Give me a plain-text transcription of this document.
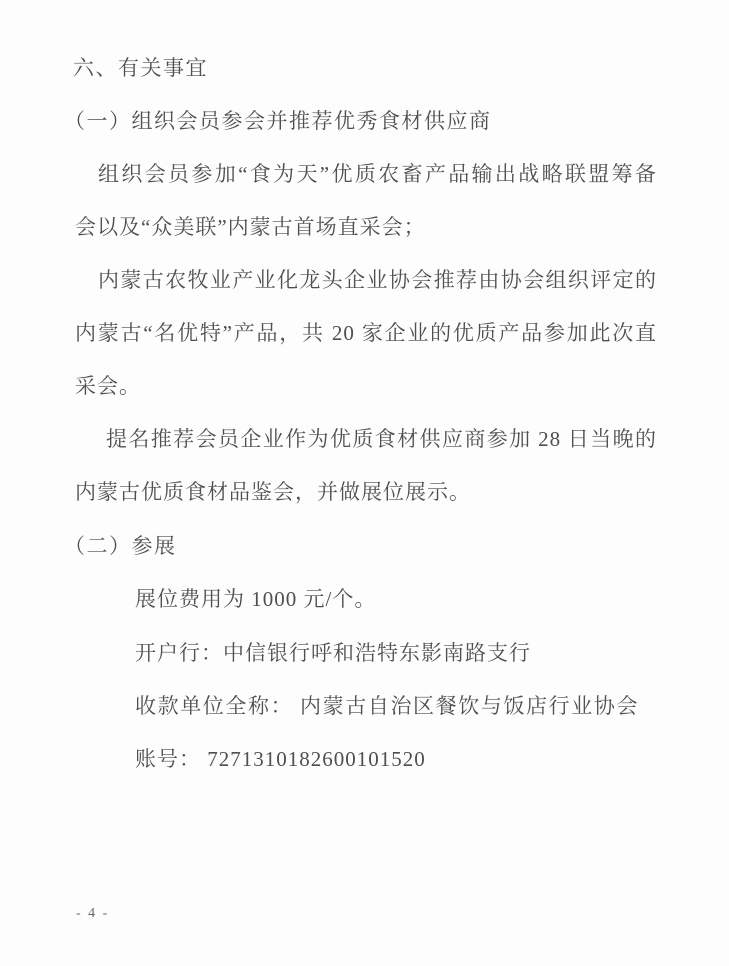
六、有关事宜
（一）组织会员参会并推荐优秀食材供应商
组织会员参加“食为天”优质农畜产品输出战略联盟筹备
会以及“众美联”内蒙古首场直采会；
内蒙古农牧业产业化龙头企业协会推荐由协会组织评定的
内蒙古“名优特”产品，共 20 家企业的优质产品参加此次直
采会。
提名推荐会员企业作为优质食材供应商参加 28 日当晚的
内蒙古优质食材品鉴会，并做展位展示。
（二）参展
展位费用为 1000 元/个。
开户行：中信银行呼和浩特东影南路支行
收款单位全称： 内蒙古自治区餐饮与饭店行业协会
账号： 7271310182600101520
- 4 -
